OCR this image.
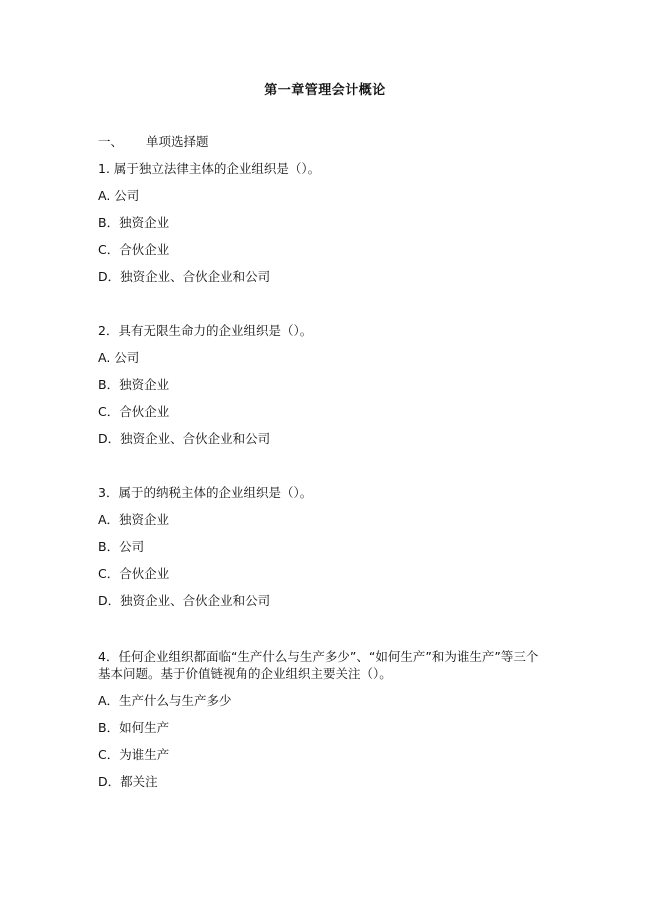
第一章管理会计概论
一、 单项选择题
1. 属于独立法律主体的企业组织是（）。
A. 公司
B．独资企业
C．合伙企业
D．独资企业、合伙企业和公司
2．具有无限生命力的企业组织是（）。
A. 公司
B．独资企业
C．合伙企业
D．独资企业、合伙企业和公司
3．属于的纳税主体的企业组织是（）。
A．独资企业
B．公司
C．合伙企业
D．独资企业、合伙企业和公司
4．任何企业组织都面临“生产什么与生产多少”、“如何生产”和为谁生产”等三个
基本问题。基于价值链视角的企业组织主要关注（）。
A．生产什么与生产多少
B．如何生产
C．为谁生产
D．都关注
